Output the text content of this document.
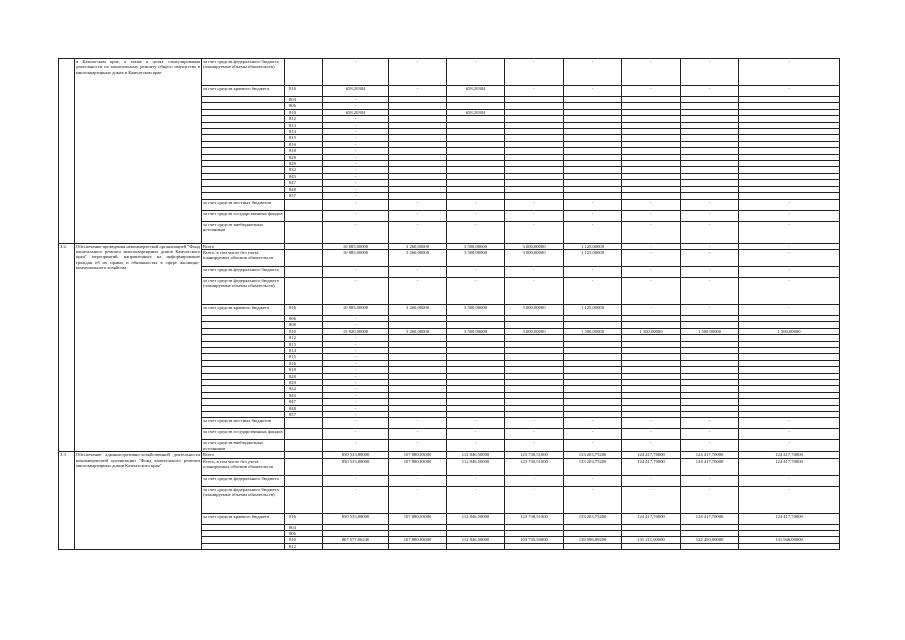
	в Камчатском крае, а также в целях стимулирования деятельности по капитальному ремонту общего имущества в многоквартирных домах в Камчатском крае	за счет средств федерального бюджета (планируемые объемы обязательств)		-	-	-	-	-	-	-	-
		за счет средств краевого бюджета	816	658,20384	-	658,20384	-	-	-	-	-
			804	-							
			806	-							
			810	658,20384		658,20384					
			812	-							
			813	-							
			814	-							
			815	-							
			816	-							
			818	-							
			828	-							
			829	-							
			832	-							
			843	-							
			847	-							
			848	-							
			857	-							
		за счет средств местных бюджетов		-	-	-	-	-	-	-	-
		за счет средств государственных фондов		-	-	-	-	-	-	-	-
		за счет средств внебюджетных источников		-	-	-	-	-	-	-	-
3.2.	Обеспечение проведения некоммерческой организацией "Фонд капитального ремонта многоквартирных домов Камчатского края" мероприятий, направленных на информирование граждан об их правах и обязанностях в сфере жилищно-коммунального хозяйства	Всего		10 885,00000	3 260,00000	3 500,00000	3 000,00000	1 125,00000	-	-	-
		Всего, в том числе без учета планируемых объемов обязательств		10 885,00000	3 260,00000	3 500,00000	3 000,00000	1 125,00000	-	-	-
		за счет средств федерального бюджета		-	-	-	-	-	-	-	-
		за счет средств федерального бюджета (планируемые объемы обязательств)		-	-	-	-	-	-	-	-
		за счет средств краевого бюджета	816	10 885,00000	3 260,00000	3 500,00000	3 000,00000	1 125,00000	-	-	-
			806	-							
			808	-							
			810	15 820,00000	3 260,00000	3 500,00000	3 000,00000	1 500,00000	1 500,00000	1 500,00000	1 560,00000
			812	-							
			813	-							
			814	-							
			815	-							
			816	-							
			818	-							
			828	-							
			829	-							
			832	-							
			843	-							
			847	-							
			848	-							
			857	-							
		за счет средств местных бюджетов		-	-	-	-	-	-	-	-
		за счет средств государственных фондов		-	-	-	-	-	-	-	-
		за счет средств внебюджетных источников		-	-	-	-	-	-	-	-
3.3	Обеспечение административно-хозяйственной деятельности некоммерческой организации "Фонд капитального ремонта многоквартирных домов Камчатского края"	Всего		850 533,88000	107 880,03000	112 846,50000	123 730,51000	133 203,75200	124 417,70000	124 417,70000	124 417,70000
		Всего, в том числе без учета планируемых объемов обязательств		850 533,88000	107 880,03000	112 846,50000	123 730,51000	133 203,75200	124 417,70000	124 417,70000	124 417,70000
		за счет средств федерального бюджета		-	-	-	-	-	-	-	-
		за счет средств федерального бюджета (планируемые объемы обязательств)		-	-	-	-	-	-	-	-
		за счет средств краевого бюджета	816	850 533,88000	107 880,03000	112 846,50000	123 730,51000	133 203,75200	124 417,70000	124 417,70000	124 417,70000
			804								
			806								
			810	867 577,06240	107 880,03000	112 846,50000	103 735,50000	139 996,09200	131 211,00000	122 450,00000	141 946,00000
			812								
